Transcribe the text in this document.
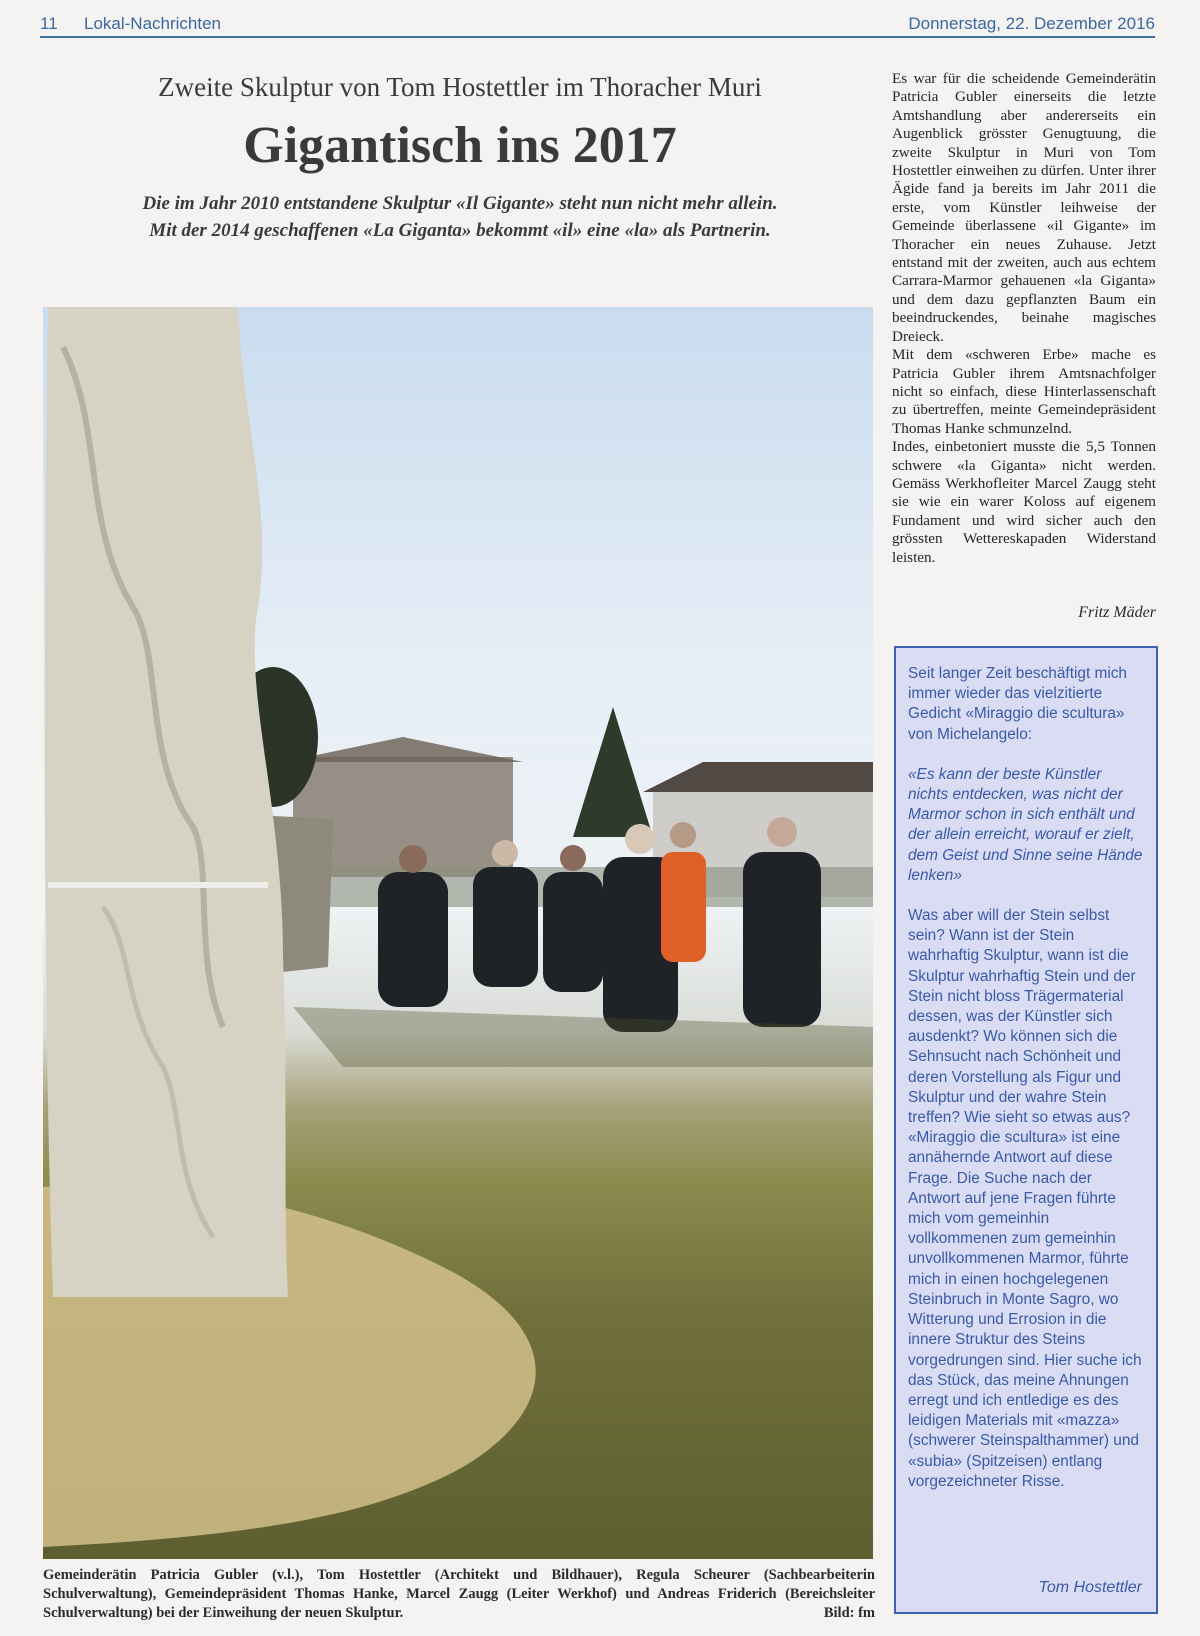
11 Lokal-Nachrichten	Donnerstag, 22. Dezember 2016
Zweite Skulptur von Tom Hostettler im Thoracher Muri
Gigantisch ins 2017
Die im Jahr 2010 entstandene Skulptur «Il Gigante» steht nun nicht mehr allein.
Mit der 2014 geschaffenen «La Giganta» bekommt «il» eine «la» als Partnerin.
Gemeinderätin Patricia Gubler (v.l.), Tom Hostettler (Architekt und Bildhauer), Regula Scheurer (Sachbearbeiterin Schulverwaltung), Gemeindepräsident Thomas Hanke, Marcel Zaugg (Leiter Werkhof) und Andreas Friderich (Bereichsleiter Schulverwaltung) bei der Einweihung der neuen Skulptur.	Bild: fm

Es war für die scheidende Gemeinderätin Patricia Gubler einerseits die letzte Amtshandlung aber andererseits ein Augenblick grösster Genugtuung, die zweite Skulptur in Muri von Tom Hostettler einweihen zu dürfen. Unter ihrer Ägide fand ja bereits im Jahr 2011 die erste, vom Künstler leihweise der Gemeinde überlassene «il Gigante» im Thoracher ein neues Zuhause. Jetzt entstand mit der zweiten, auch aus echtem Carrara-Marmor gehauenen «la Giganta» und dem dazu gepflanzten Baum ein beeindruckendes, beinahe magisches Dreieck.

Mit dem «schweren Erbe» mache es Patricia Gubler ihrem Amtsnachfolger nicht so einfach, diese Hinterlassenschaft zu übertreffen, meinte Gemeindepräsident Thomas Hanke schmunzelnd.

Indes, einbetoniert musste die 5,5 Tonnen schwere «la Giganta» nicht werden. Gemäss Werkhofleiter Marcel Zaugg steht sie wie ein warer Koloss auf eigenem Fundament und wird sicher auch den grössten Wettereskapaden Widerstand leisten.

Fritz Mäder

Seit langer Zeit beschäftigt mich immer wieder das vielzitierte Gedicht «Miraggio die scultura» von Michelangelo:

«Es kann der beste Künstler nichts entdecken, was nicht der Marmor schon in sich enthält und der allein erreicht, worauf er zielt, dem Geist und Sinne seine Hände lenken»

Was aber will der Stein selbst sein? Wann ist der Stein wahrhaftig Skulptur, wann ist die Skulptur wahrhaftig Stein und der Stein nicht bloss Trägermaterial dessen, was der Künstler sich ausdenkt? Wo können sich die Sehnsucht nach Schönheit und deren Vorstellung als Figur und Skulptur und der wahre Stein treffen? Wie sieht so etwas aus? «Miraggio die scultura» ist eine annähernde Antwort auf diese Frage. Die Suche nach der Antwort auf jene Fragen führte mich vom gemeinhin vollkommenen zum gemeinhin unvollkommenen Marmor, führte mich in einen hochgelegenen Steinbruch in Monte Sagro, wo Witterung und Errosion in die innere Struktur des Steins vorgedrungen sind. Hier suche ich das Stück, das meine Ahnungen erregt und ich entledige es des leidigen Materials mit «mazza» (schwerer Steinspalthammer) und «subia» (Spitzeisen) entlang vorgezeichneter Risse.

Tom Hostettler
